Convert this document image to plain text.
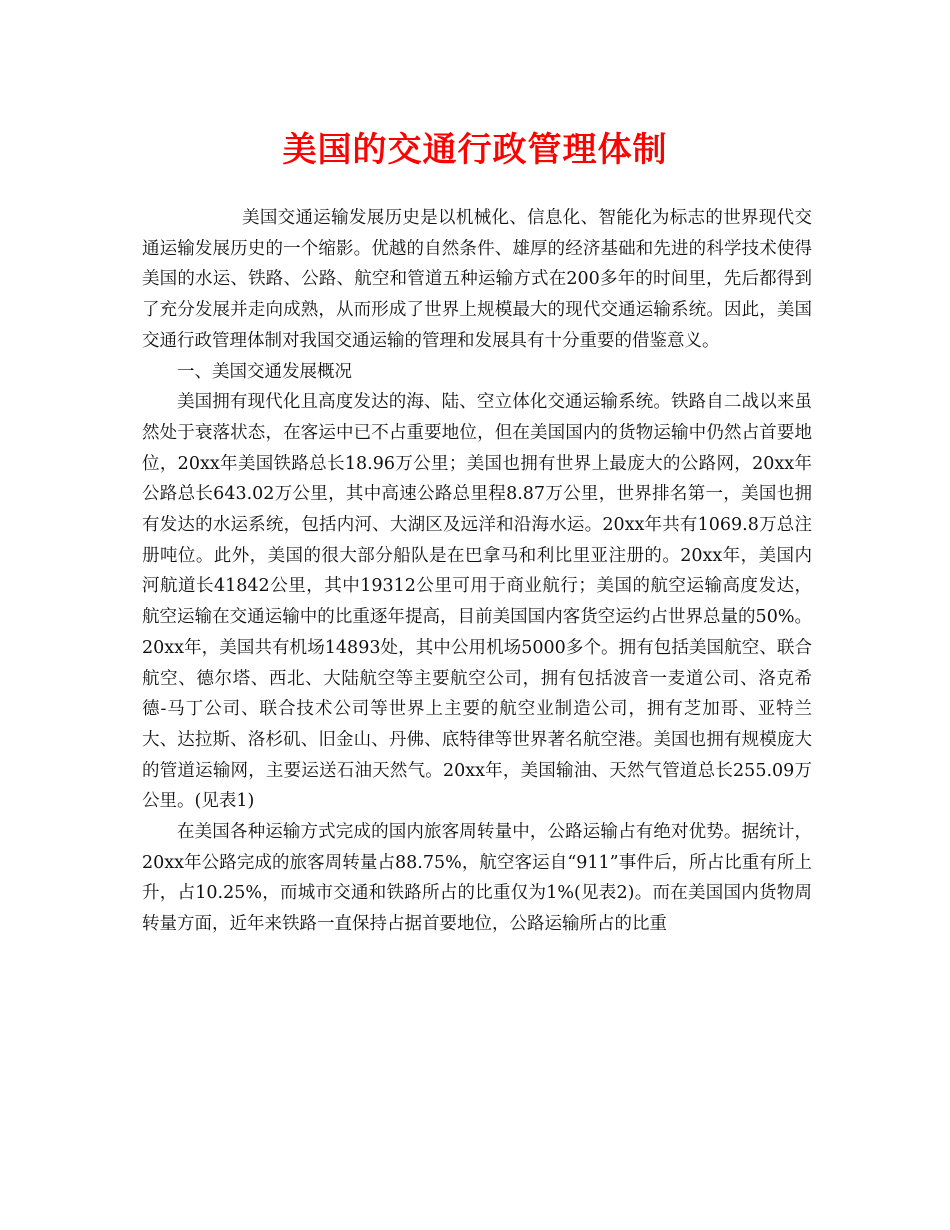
美国的交通行政管理体制

美国交通运输发展历史是以机械化、信息化、智能化为标志的世界现代交通运输发展历史的一个缩影。优越的自然条件、雄厚的经济基础和先进的科学技术使得美国的水运、铁路、公路、航空和管道五种运输方式在200多年的时间里，先后都得到了充分发展并走向成熟，从而形成了世界上规模最大的现代交通运输系统。因此，美国交通行政管理体制对我国交通运输的管理和发展具有十分重要的借鉴意义。

一、美国交通发展概况

美国拥有现代化且高度发达的海、陆、空立体化交通运输系统。铁路自二战以来虽然处于衰落状态，在客运中已不占重要地位，但在美国国内的货物运输中仍然占首要地位，20xx年美国铁路总长18.96万公里；美国也拥有世界上最庞大的公路网，20xx年公路总长643.02万公里，其中高速公路总里程8.87万公里，世界排名第一，美国也拥有发达的水运系统，包括内河、大湖区及远洋和沿海水运。20xx年共有1069.8万总注册吨位。此外，美国的很大部分船队是在巴拿马和利比里亚注册的。20xx年，美国内河航道长41842公里，其中19312公里可用于商业航行；美国的航空运输高度发达，航空运输在交通运输中的比重逐年提高，目前美国国内客货空运约占世界总量的50%。20xx年，美国共有机场14893处，其中公用机场5000多个。拥有包括美国航空、联合航空、德尔塔、西北、大陆航空等主要航空公司，拥有包括波音一麦道公司、洛克希德-马丁公司、联合技术公司等世界上主要的航空业制造公司，拥有芝加哥、亚特兰大、达拉斯、洛杉矶、旧金山、丹佛、底特律等世界著名航空港。美国也拥有规模庞大的管道运输网，主要运送石油天然气。20xx年，美国输油、天然气管道总长255.09万公里。(见表1)

在美国各种运输方式完成的国内旅客周转量中，公路运输占有绝对优势。据统计，20xx年公路完成的旅客周转量占88.75%，航空客运自“911”事件后，所占比重有所上升，占10.25%，而城市交通和铁路所占的比重仅为1%(见表2)。而在美国国内货物周转量方面，近年来铁路一直保持占据首要地位，公路运输所占的比重
